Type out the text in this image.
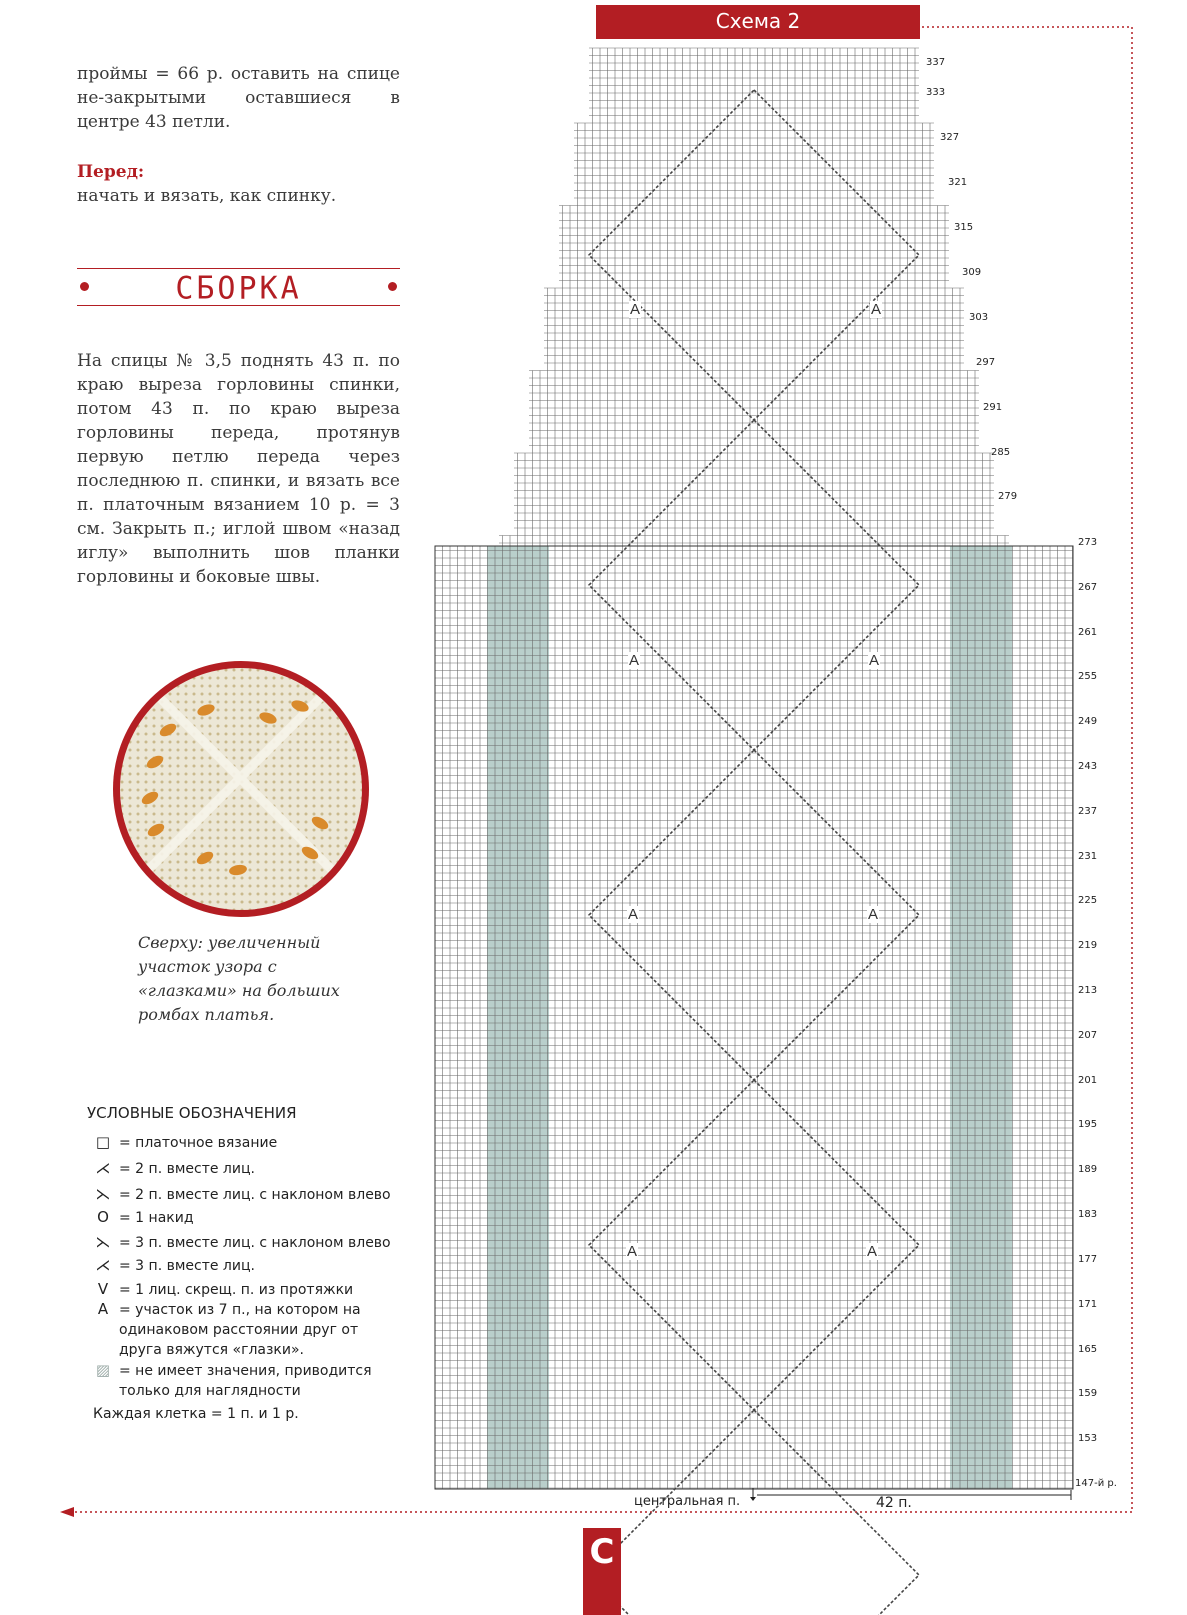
проймы = 66 р. оставить на спице не-закрытыми оставшиеся в центре 43 петли.
Перед:
начать и вязать, как спинку.
СБОРКА
На спицы № 3,5 поднять 43 п. по краю выреза горловины спинки, потом 43 п. по краю выреза горловины переда, протянув первую петлю переда через последнюю п. спинки, и вязать все п. платочным вязанием 10 р. = 3 см. Закрыть п.; иглой швом «назад иглу» выполнить шов планки горловины и боковые швы.
Сверху: увеличенный участок узора с «глазками» на больших ромбах платья.
УСЛОВНЫЕ ОБОЗНАЧЕНИЯ
□ = платочное вязание
⋌ = 2 п. вместе лиц.
⋋ = 2 п. вместе лиц. с наклоном влево
O = 1 накид
⋋ = 3 п. вместе лиц. с наклоном влево
⋌ = 3 п. вместе лиц.
V = 1 лиц. скрещ. п. из протяжки
A = участок из 7 п., на котором на одинаковом расстоянии друг от друга вяжутся «глазки».
▨ = не имеет значения, приводится только для наглядности
Каждая клетка = 1 п. и 1 р.
Схема 2
337
333
327
321
315
309
303
297
291
285
279
273
267
261
255
249
243
237
231
225
219
213
207
201
195
189
183
177
171
165
159
153
147-й р.
A	A
A	A
A	A
A	A
центральная п.	42 п.
C
